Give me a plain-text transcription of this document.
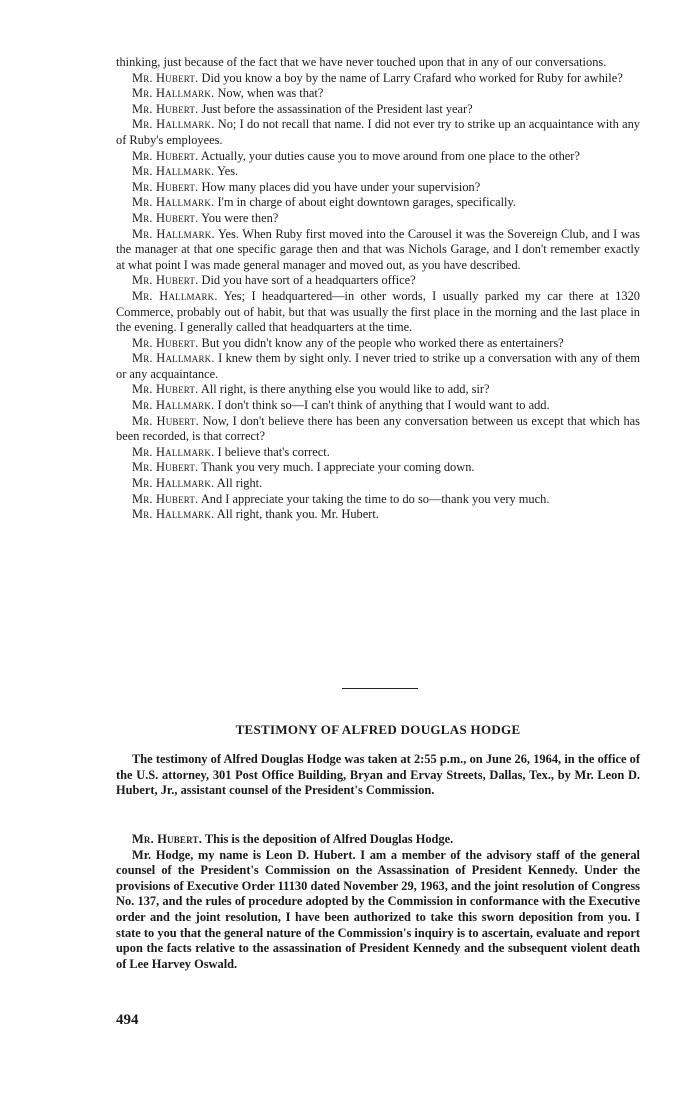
thinking, just because of the fact that we have never touched upon that in any of our conversations.

Mr. Hubert. Did you know a boy by the name of Larry Crafard who worked for Ruby for awhile?

Mr. Hallmark. Now, when was that?

Mr. Hubert. Just before the assassination of the President last year?

Mr. Hallmark. No; I do not recall that name. I did not ever try to strike up an acquaintance with any of Ruby's employees.

Mr. Hubert. Actually, your duties cause you to move around from one place to the other?

Mr. Hallmark. Yes.

Mr. Hubert. How many places did you have under your supervision?

Mr. Hallmark. I'm in charge of about eight downtown garages, specifically.

Mr. Hubert. You were then?

Mr. Hallmark. Yes. When Ruby first moved into the Carousel it was the Sovereign Club, and I was the manager at that one specific garage then and that was Nichols Garage, and I don't remember exactly at what point I was made general manager and moved out, as you have described.

Mr. Hubert. Did you have sort of a headquarters office?

Mr. Hallmark. Yes; I headquartered—in other words, I usually parked my car there at 1320 Commerce, probably out of habit, but that was usually the first place in the morning and the last place in the evening. I generally called that headquarters at the time.

Mr. Hubert. But you didn't know any of the people who worked there as entertainers?

Mr. Hallmark. I knew them by sight only. I never tried to strike up a conversation with any of them or any acquaintance.

Mr. Hubert. All right, is there anything else you would like to add, sir?

Mr. Hallmark. I don't think so—I can't think of anything that I would want to add.

Mr. Hubert. Now, I don't believe there has been any conversation between us except that which has been recorded, is that correct?

Mr. Hallmark. I believe that's correct.

Mr. Hubert. Thank you very much. I appreciate your coming down.

Mr. Hallmark. All right.

Mr. Hubert. And I appreciate your taking the time to do so—thank you very much.

Mr. Hallmark. All right, thank you. Mr. Hubert.

TESTIMONY OF ALFRED DOUGLAS HODGE

The testimony of Alfred Douglas Hodge was taken at 2:55 p.m., on June 26, 1964, in the office of the U.S. attorney, 301 Post Office Building, Bryan and Ervay Streets, Dallas, Tex., by Mr. Leon D. Hubert, Jr., assistant counsel of the President's Commission.

Mr. Hubert. This is the deposition of Alfred Douglas Hodge.

Mr. Hodge, my name is Leon D. Hubert. I am a member of the advisory staff of the general counsel of the President's Commission on the Assassination of President Kennedy. Under the provisions of Executive Order 11130 dated November 29, 1963, and the joint resolution of Congress No. 137, and the rules of procedure adopted by the Commission in conformance with the Executive order and the joint resolution, I have been authorized to take this sworn deposition from you. I state to you that the general nature of the Commission's inquiry is to ascertain, evaluate and report upon the facts relative to the assassination of President Kennedy and the subsequent violent death of Lee Harvey Oswald.

494
